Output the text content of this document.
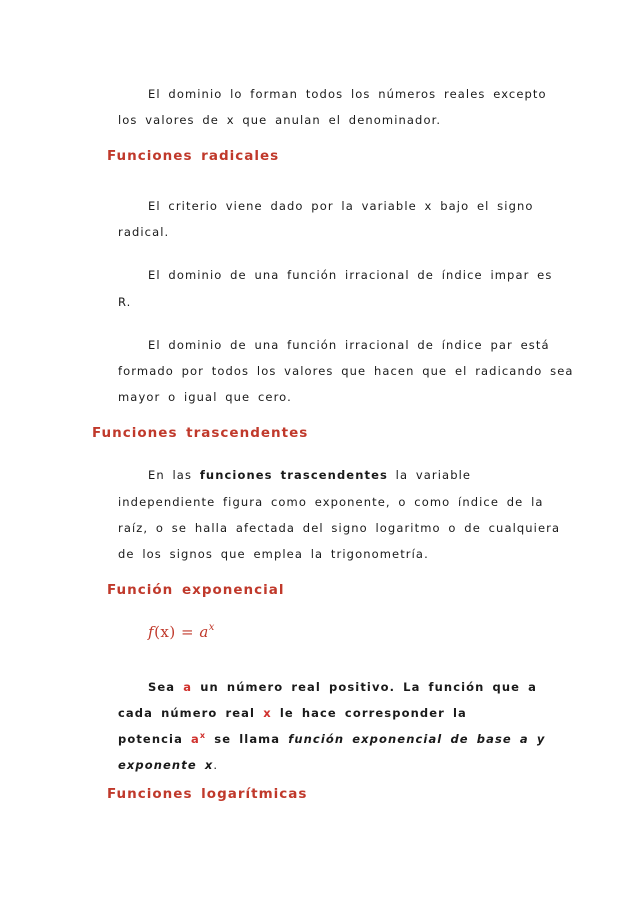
El dominio lo forman todos los números reales excepto
los valores de x que anulan el denominador.
Funciones radicales
El criterio viene dado por la variable x bajo el signo
radical.
El dominio de una función irracional de índice impar es
R.
El dominio de una función irracional de índice par está
formado por todos los valores que hacen que el radicando sea
mayor o igual que cero.
Funciones trascendentes
En las funciones trascendentes la variable
independiente figura como exponente, o como índice de la
raíz, o se halla afectada del signo logaritmo o de cualquiera
de los signos que emplea la trigonometría.
Función exponencial
$f(x) = a^x$
Sea a un número real positivo. La función que a
cada número real x le hace corresponder la
potencia $a^x$ se llama función exponencial de base a y
exponente x.
Funciones logarítmicas
